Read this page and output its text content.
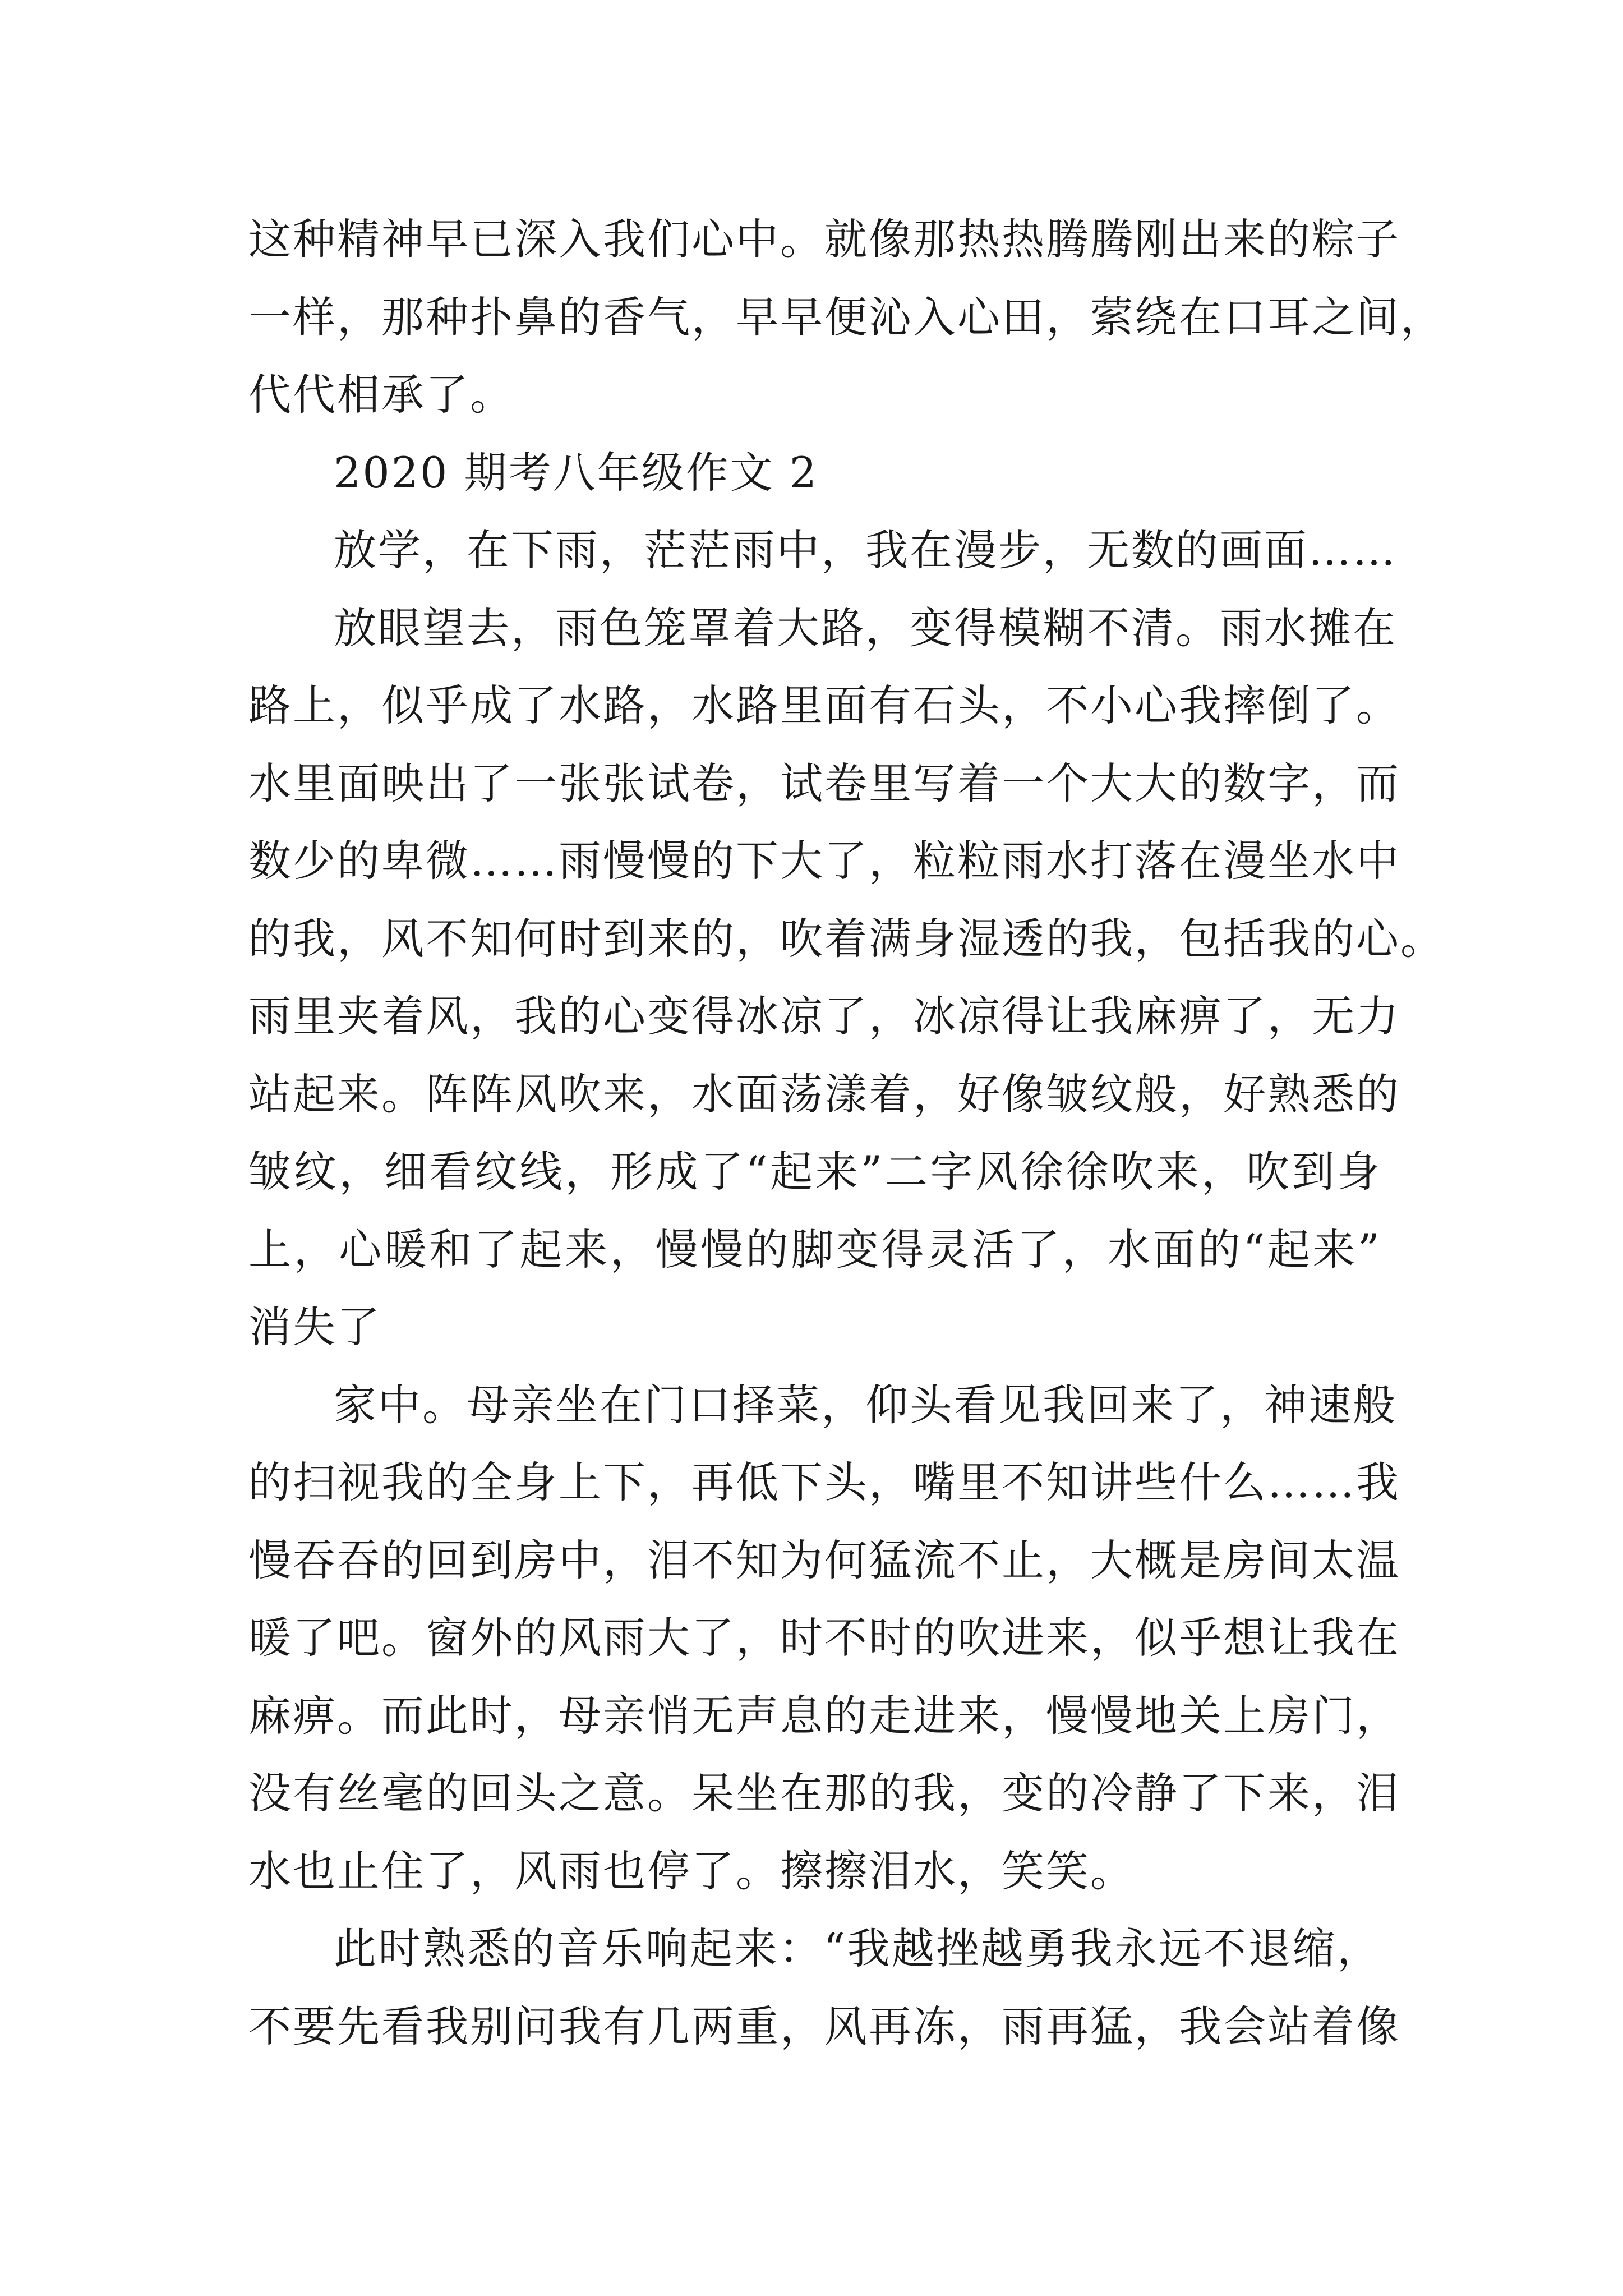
这种精神早已深入我们心中。就像那热热腾腾刚出来的粽子
一样，那种扑鼻的香气，早早便沁入心田，萦绕在口耳之间，
代代相承了。
2020 期考八年级作文 2
放学，在下雨，茫茫雨中，我在漫步，无数的画面……
放眼望去，雨色笼罩着大路，变得模糊不清。雨水摊在
路上，似乎成了水路，水路里面有石头，不小心我摔倒了。
水里面映出了一张张试卷，试卷里写着一个大大的数字，而
数少的卑微……雨慢慢的下大了，粒粒雨水打落在漫坐水中
的我，风不知何时到来的，吹着满身湿透的我，包括我的心。
雨里夹着风，我的心变得冰凉了，冰凉得让我麻痹了，无力
站起来。阵阵风吹来，水面荡漾着，好像皱纹般，好熟悉的
皱纹，细看纹线，形成了“起来”二字风徐徐吹来，吹到身
上，心暖和了起来，慢慢的脚变得灵活了，水面的“起来”
消失了
家中。母亲坐在门口择菜，仰头看见我回来了，神速般
的扫视我的全身上下，再低下头，嘴里不知讲些什么……我
慢吞吞的回到房中，泪不知为何猛流不止，大概是房间太温
暖了吧。窗外的风雨大了，时不时的吹进来，似乎想让我在
麻痹。而此时，母亲悄无声息的走进来，慢慢地关上房门，
没有丝毫的回头之意。呆坐在那的我，变的冷静了下来，泪
水也止住了，风雨也停了。擦擦泪水，笑笑。
此时熟悉的音乐响起来：“我越挫越勇我永远不退缩，
不要先看我别问我有几两重，风再冻，雨再猛，我会站着像
